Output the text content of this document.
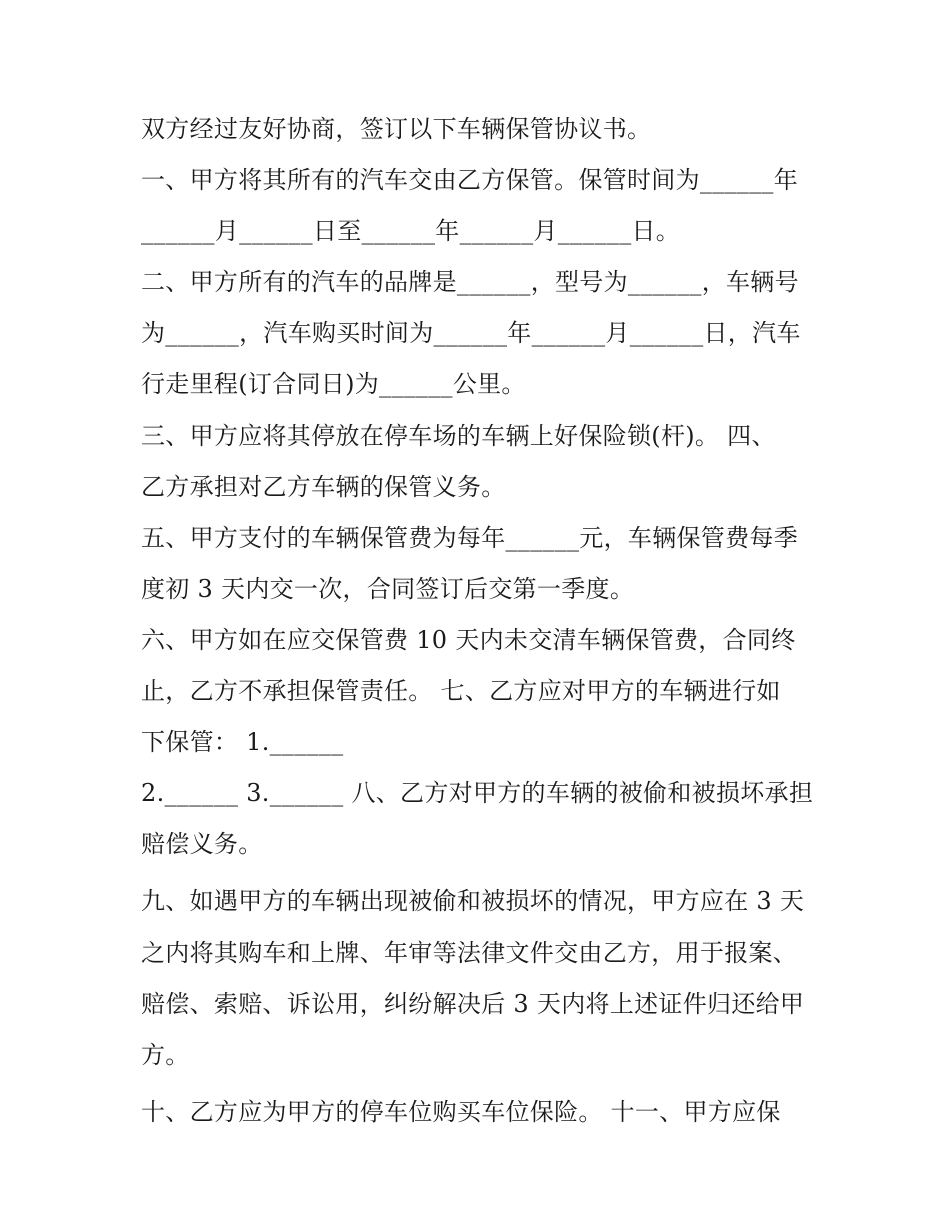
双方经过友好协商，签订以下车辆保管协议书。
一、甲方将其所有的汽车交由乙方保管。保管时间为______年
______月______日至______年______月______日。
二、甲方所有的汽车的品牌是______，型号为______，车辆号
为______，汽车购买时间为______年______月______日，汽车
行走里程(订合同日)为______公里。
三、甲方应将其停放在停车场的车辆上好保险锁(杆)。 四、
乙方承担对乙方车辆的保管义务。
五、甲方支付的车辆保管费为每年______元，车辆保管费每季
度初 3 天内交一次，合同签订后交第一季度。
六、甲方如在应交保管费 10 天内未交清车辆保管费，合同终
止，乙方不承担保管责任。 七、乙方应对甲方的车辆进行如
下保管： 1.______
2.______ 3.______ 八、乙方对甲方的车辆的被偷和被损坏承担
赔偿义务。
九、如遇甲方的车辆出现被偷和被损坏的情况，甲方应在 3 天
之内将其购车和上牌、年审等法律文件交由乙方，用于报案、
赔偿、索赔、诉讼用，纠纷解决后 3 天内将上述证件归还给甲
方。
十、乙方应为甲方的停车位购买车位保险。 十一、甲方应保
